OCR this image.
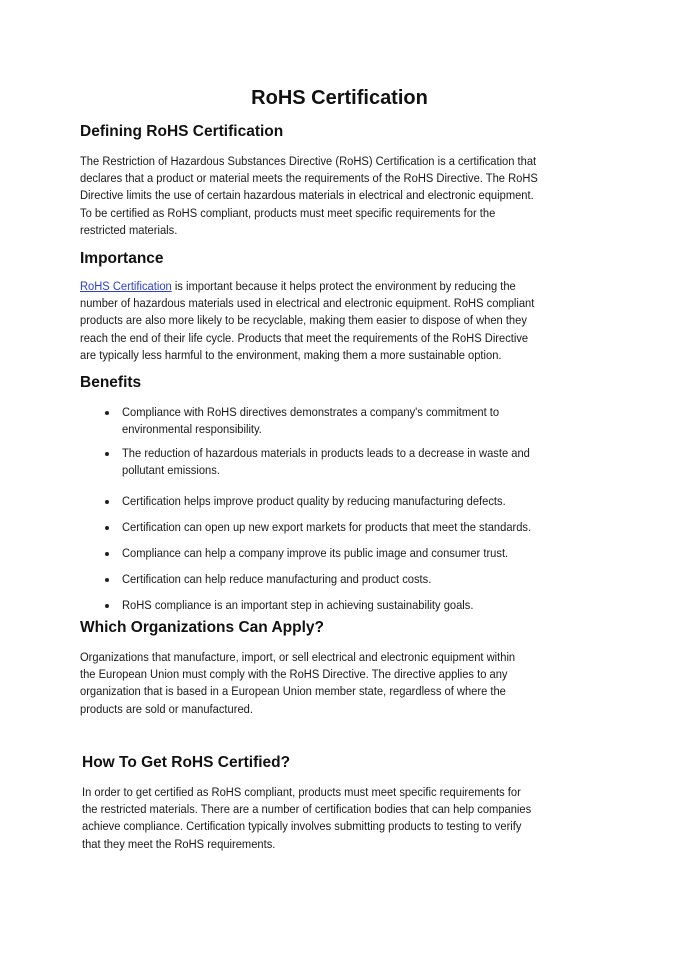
RoHS Certification
Defining RoHS Certification
The Restriction of Hazardous Substances Directive (RoHS) Certification is a certification that
declares that a product or material meets the requirements of the RoHS Directive. The RoHS
Directive limits the use of certain hazardous materials in electrical and electronic equipment.
To be certified as RoHS compliant, products must meet specific requirements for the
restricted materials.
Importance
RoHS Certification is important because it helps protect the environment by reducing the
number of hazardous materials used in electrical and electronic equipment. RoHS compliant
products are also more likely to be recyclable, making them easier to dispose of when they
reach the end of their life cycle. Products that meet the requirements of the RoHS Directive
are typically less harmful to the environment, making them a more sustainable option.
Benefits
Compliance with RoHS directives demonstrates a company's commitment to
environmental responsibility.
The reduction of hazardous materials in products leads to a decrease in waste and
pollutant emissions.
Certification helps improve product quality by reducing manufacturing defects.
Certification can open up new export markets for products that meet the standards.
Compliance can help a company improve its public image and consumer trust.
Certification can help reduce manufacturing and product costs.
RoHS compliance is an important step in achieving sustainability goals.
Which Organizations Can Apply?
Organizations that manufacture, import, or sell electrical and electronic equipment within
the European Union must comply with the RoHS Directive. The directive applies to any
organization that is based in a European Union member state, regardless of where the
products are sold or manufactured.
How To Get RoHS Certified?
In order to get certified as RoHS compliant, products must meet specific requirements for
the restricted materials. There are a number of certification bodies that can help companies
achieve compliance. Certification typically involves submitting products to testing to verify
that they meet the RoHS requirements.
